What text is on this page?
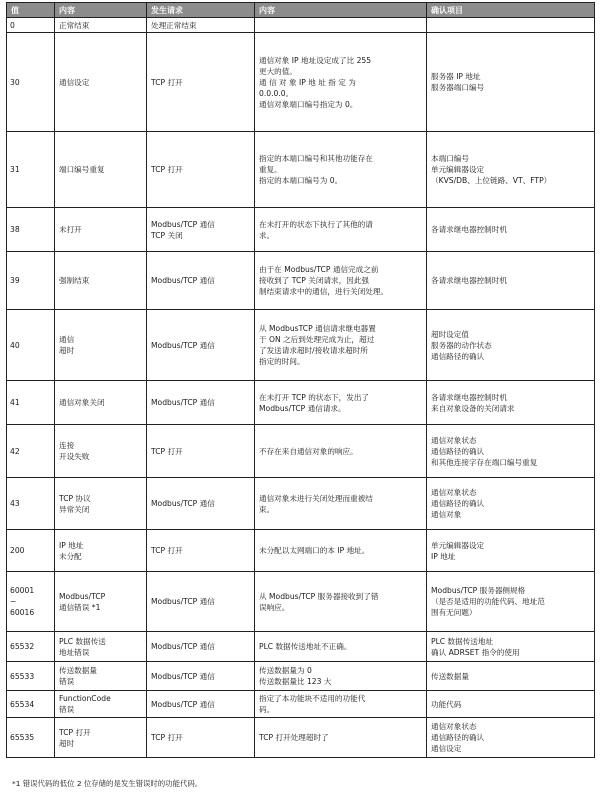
值	内容	发生请求	内容	确认项目
0	正常结束	处理正常结束		
30	通信设定	TCP 打开	通信对象 IP 地址设定成了比 255
更大的值。
通 信 对 象 IP 地 址 指 定 为
0.0.0.0。
通信对象端口编号指定为 0。	服务器 IP 地址
服务器端口编号
31	端口编号重复	TCP 打开	指定的本端口编号和其他功能存在
重复。
指定的本端口编号为 0。	本端口编号
单元编辑器设定
（KVS/DB、上位链路、VT、FTP）
38	未打开	Modbus/TCP 通信
TCP 关闭	在未打开的状态下执行了其他的请
求。	各请求继电器控制时机
39	强制结束	Modbus/TCP 通信	由于在 Modbus/TCP 通信完成之前
接收到了 TCP 关闭请求，因此强
制结束请求中的通信，进行关闭处理。	各请求继电器控制时机
40	通信
超时	Modbus/TCP 通信	从 ModbusTCP 通信请求继电器置
于 ON 之后到处理完成为止，超过
了发送请求超时/接收请求超时所
指定的时间。	超时设定值
服务器的动作状态
通信路径的确认
41	通信对象关闭	Modbus/TCP 通信	在未打开 TCP 的状态下，发出了
Modbus/TCP 通信请求。	各请求继电器控制时机
来自对象设备的关闭请求
42	连接
开设失败	TCP 打开	不存在来自通信对象的响应。	通信对象状态
通信路径的确认
和其他连接字存在端口编号重复
43	TCP 协议
异常关闭	Modbus/TCP 通信	通信对象未进行关闭处理而重被结
束。	通信对象状态
通信路径的确认
通信对象
200	IP 地址
未分配	TCP 打开	未分配以太网端口的本 IP 地址。	单元编辑器设定
IP 地址
60001
~
60016	Modbus/TCP
通信错误 *1	Modbus/TCP 通信	从 Modbus/TCP 服务器接收到了错
误响应。	Modbus/TCP 服务器侧规格
（是否是适用的功能代码、地址范
围有无问题）
65532	PLC 数据传送
地址错误	Modbus/TCP 通信	PLC 数据传送地址不正确。	PLC 数据传送地址
确认 ADRSET 指令的使用
65533	传送数据量
错误	Modbus/TCP 通信	传送数据量为 0
传送数据量比 123 大	传送数据量
65534	FunctionCode
错误	Modbus/TCP 通信	指定了本功能块不适用的功能代
码。	功能代码
65535	TCP 打开
超时	TCP 打开	TCP 打开处理超时了	通信对象状态
通信路径的确认
通信设定
*1 错误代码的低位 2 位存储的是发生错误时的功能代码。
